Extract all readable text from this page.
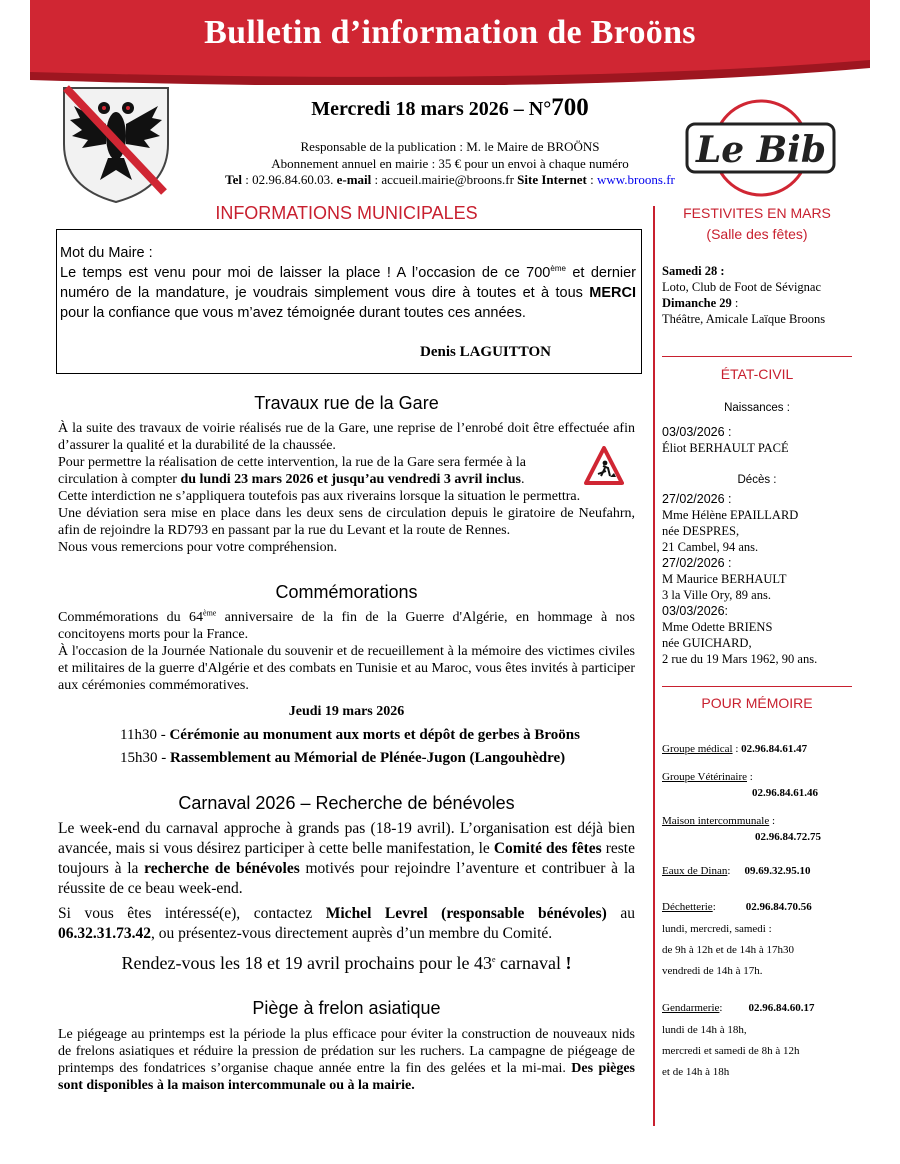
Bulletin d’information de Broöns
Mercredi 18 mars 2026 – N°700
Responsable de la publication : M. le Maire de BROÖNS
Abonnement annuel en mairie : 35 € pour un envoi à chaque numéro
Tel : 02.96.84.60.03. e-mail : accueil.mairie@broons.fr Site Internet : www.broons.fr
Le Bib
INFORMATIONS MUNICIPALES
Mot du Maire :
Le temps est venu pour moi de laisser la place ! A l’occasion de ce 700ème et dernier numéro de la mandature, je voudrais simplement vous dire à toutes et à tous MERCI pour la confiance que vous m’avez témoignée durant toutes ces années.
Denis LAGUITTON
Travaux rue de la Gare
À la suite des travaux de voirie réalisés rue de la Gare, une reprise de l’enrobé doit être effectuée afin d’assurer la qualité et la durabilité de la chaussée.
Pour permettre la réalisation de cette intervention, la rue de la Gare sera fermée à la circulation à compter du lundi 23 mars 2026 et jusqu’au vendredi 3 avril inclus.
Cette interdiction ne s’appliquera toutefois pas aux riverains lorsque la situation le permettra.
Une déviation sera mise en place dans les deux sens de circulation depuis le giratoire de Neufahrn, afin de rejoindre la RD793 en passant par la rue du Levant et la route de Rennes.
Nous vous remercions pour votre compréhension.
Commémorations
Commémorations du 64ème anniversaire de la fin de la Guerre d'Algérie, en hommage à nos concitoyens morts pour la France.
À l'occasion de la Journée Nationale du souvenir et de recueillement à la mémoire des victimes civiles et militaires de la guerre d'Algérie et des combats en Tunisie et au Maroc, vous êtes invités à participer aux cérémonies commémoratives.
Jeudi 19 mars 2026
11h30 - Cérémonie au monument aux morts et dépôt de gerbes à Broöns
15h30 - Rassemblement au Mémorial de Plénée-Jugon (Langouhèdre)
Carnaval 2026 – Recherche de bénévoles
Le week-end du carnaval approche à grands pas (18-19 avril). L’organisation est déjà bien avancée, mais si vous désirez participer à cette belle manifestation, le Comité des fêtes reste toujours à la recherche de bénévoles motivés pour rejoindre l’aventure et contribuer à la réussite de ce beau week-end.
Si vous êtes intéressé(e), contactez Michel Levrel (responsable bénévoles) au 06.32.31.73.42, ou présentez-vous directement auprès d’un membre du Comité.
Rendez-vous les 18 et 19 avril prochains pour le 43e carnaval !
Piège à frelon asiatique
Le piégeage au printemps est la période la plus efficace pour éviter la construction de nouveaux nids de frelons asiatiques et réduire la pression de prédation sur les ruchers. La campagne de piégeage de printemps des fondatrices s’organise chaque année entre la fin des gelées et la mi-mai. Des pièges sont disponibles à la maison intercommunale ou à la mairie.
FESTIVITES EN MARS
(Salle des fêtes)
Samedi 28 :
Loto, Club de Foot de Sévignac
Dimanche 29 :
Théâtre, Amicale Laïque Broons
ÉTAT-CIVIL
Naissances :
03/03/2026 :
Éliot BERHAULT PACÉ
Décès :
27/02/2026 :
Mme Hélène EPAILLARD
née DESPRES,
21 Cambel, 94 ans.
27/02/2026 :
M Maurice BERHAULT
3 la Ville Ory, 89 ans.
03/03/2026:
Mme Odette BRIENS
née GUICHARD,
2 rue du 19 Mars 1962, 90 ans.
POUR MÉMOIRE
Groupe médical : 02.96.84.61.47
Groupe Vétérinaire :
02.96.84.61.46
Maison intercommunale :
02.96.84.72.75
Eaux de Dinan: 09.69.32.95.10
Déchetterie:	02.96.84.70.56
lundi, mercredi, samedi :
de 9h à 12h et de 14h à 17h30
vendredi de 14h à 17h.
Gendarmerie: 02.96.84.60.17
lundi de 14h à 18h,
mercredi et samedi de 8h à 12h
et de 14h à 18h
